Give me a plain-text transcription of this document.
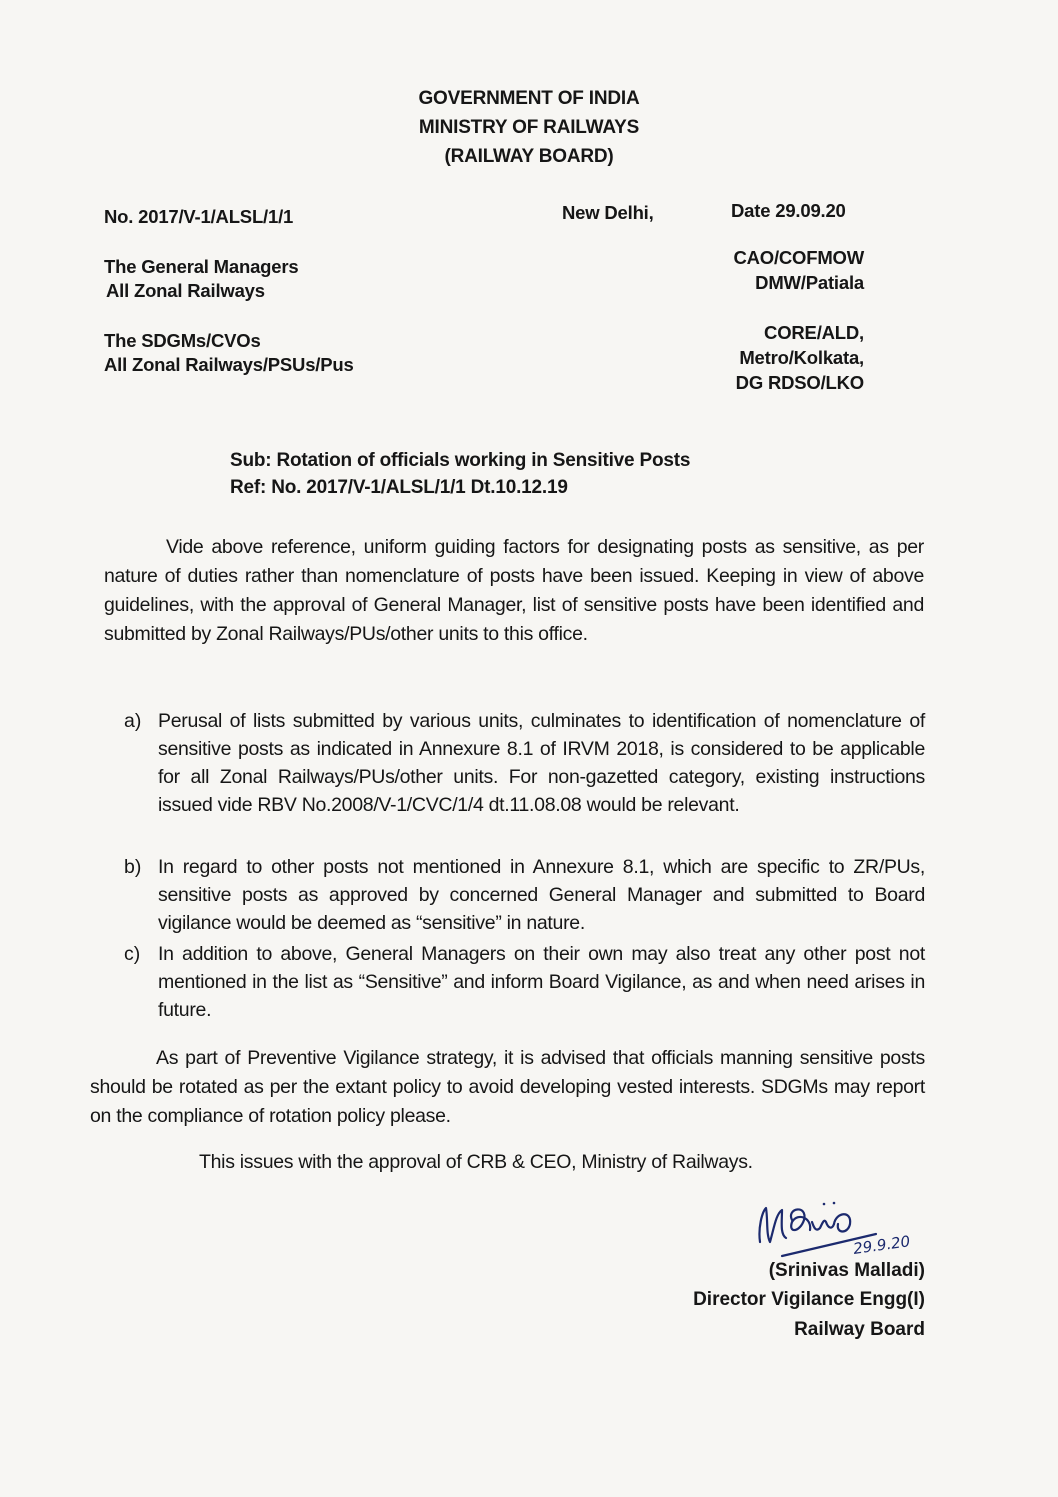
GOVERNMENT OF INDIA
MINISTRY OF RAILWAYS
(RAILWAY BOARD)
No. 2017/V-1/ALSL/1/1	New Delhi,	Date 29.09.20
The General Managers
All Zonal Railways
The SDGMs/CVOs
All Zonal Railways/PSUs/Pus
CAO/COFMOW
DMW/Patiala
CORE/ALD,
Metro/Kolkata,
DG RDSO/LKO
Sub: Rotation of officials working in Sensitive Posts
Ref: No. 2017/V-1/ALSL/1/1 Dt.10.12.19
Vide above reference, uniform guiding factors for designating posts as sensitive, as per nature of duties rather than nomenclature of posts have been issued. Keeping in view of above guidelines, with the approval of General Manager, list of sensitive posts have been identified and submitted by Zonal Railways/PUs/other units to this office.
a) Perusal of lists submitted by various units, culminates to identification of nomenclature of sensitive posts as indicated in Annexure 8.1 of IRVM 2018, is considered to be applicable for all Zonal Railways/PUs/other units. For non-gazetted category, existing instructions issued vide RBV No.2008/V-1/CVC/1/4 dt.11.08.08 would be relevant.
b) In regard to other posts not mentioned in Annexure 8.1, which are specific to ZR/PUs, sensitive posts as approved by concerned General Manager and submitted to Board vigilance would be deemed as “sensitive” in nature.
c) In addition to above, General Managers on their own may also treat any other post not mentioned in the list as “Sensitive” and inform Board Vigilance, as and when need arises in future.
As part of Preventive Vigilance strategy, it is advised that officials manning sensitive posts should be rotated as per the extant policy to avoid developing vested interests. SDGMs may report on the compliance of rotation policy please.
This issues with the approval of CRB & CEO, Ministry of Railways.
29.9.20
(Srinivas Malladi)
Director Vigilance Engg(I)
Railway Board
